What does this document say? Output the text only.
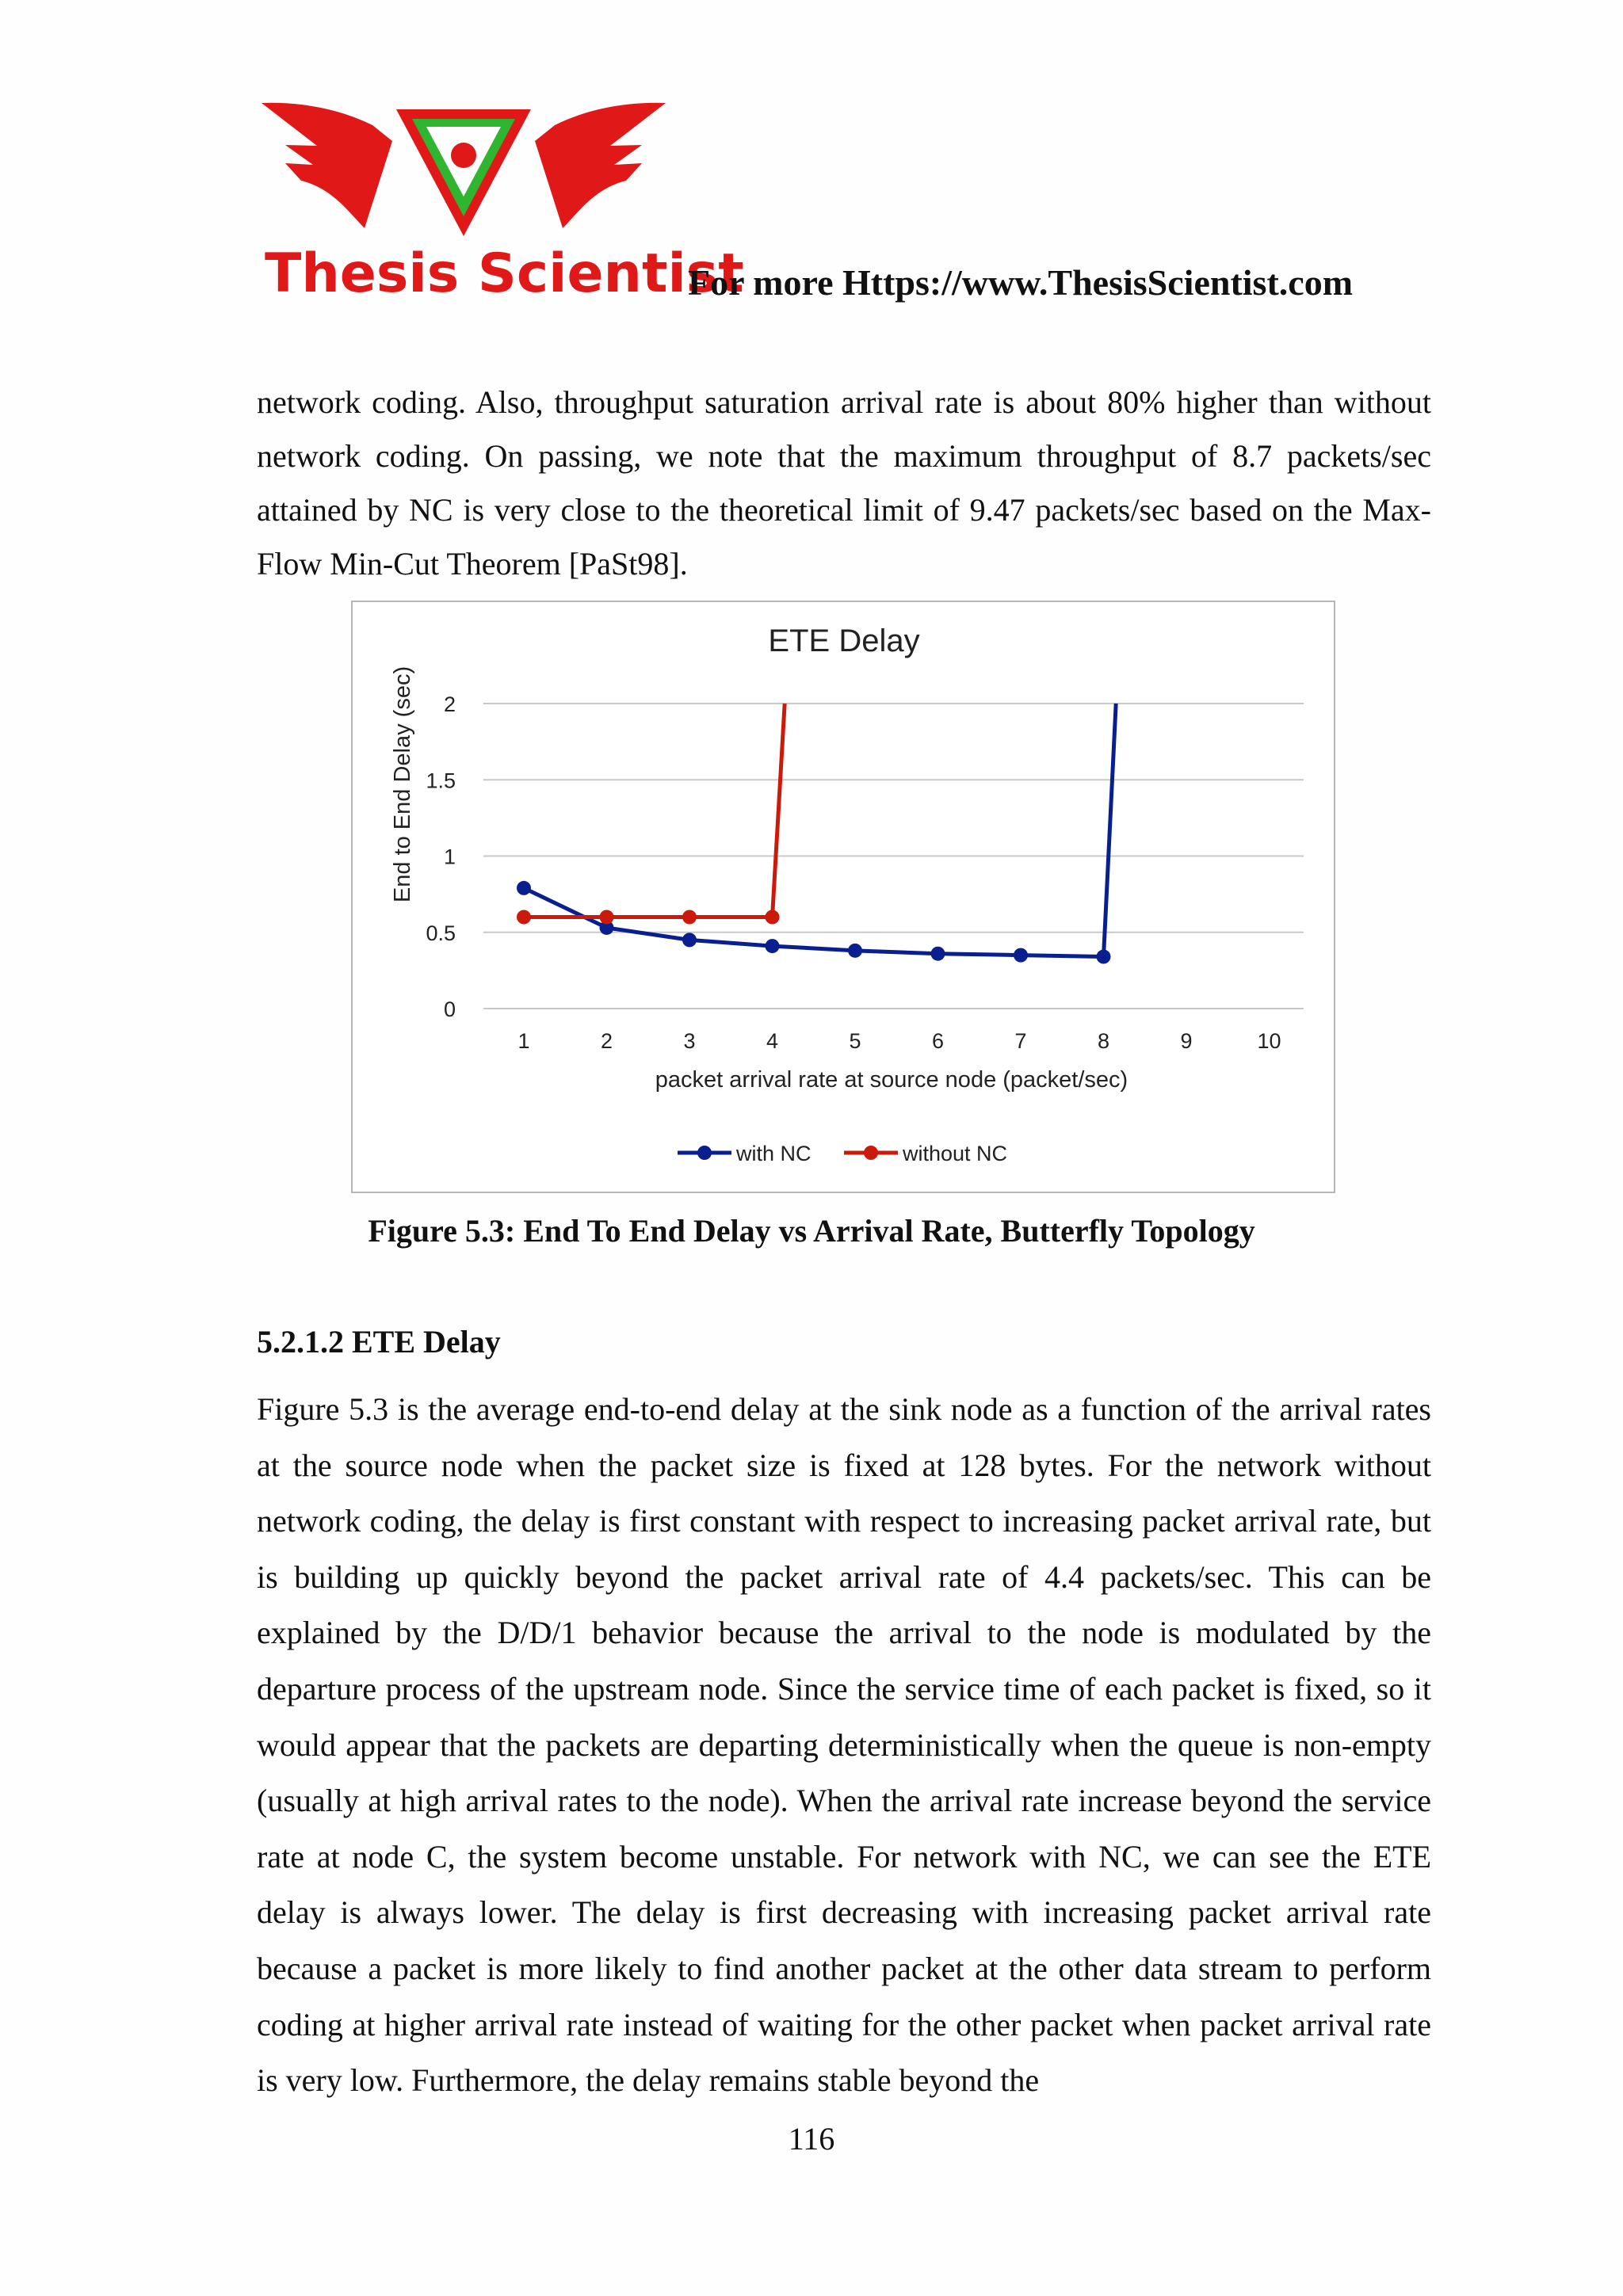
Thesis Scientist
For more Https://www.ThesisScientist.com

network coding. Also, throughput saturation arrival rate is about 80% higher than without network coding. On passing, we note that the maximum throughput of 8.7 packets/sec attained by NC is very close to the theoretical limit of 9.47 packets/sec based on the Max-Flow Min-Cut Theorem [PaSt98].

ETE Delay
0
0.5
1
1.5
2
1	2	3	4	5	6	7	8	9	10
packet arrival rate at source node (packet/sec)
End to End Delay (sec)
with NC	without NC
Figure 5.3: End To End Delay vs Arrival Rate, Butterfly Topology
5.2.1.2 ETE Delay

Figure 5.3 is the average end-to-end delay at the sink node as a function of the arrival rates at the source node when the packet size is fixed at 128 bytes. For the network without network coding, the delay is first constant with respect to increasing packet arrival rate, but is building up quickly beyond the packet arrival rate of 4.4 packets/sec. This can be explained by the D/D/1 behavior because the arrival to the node is modulated by the departure process of the upstream node. Since the service time of each packet is fixed, so it would appear that the packets are departing deterministically when the queue is non-empty (usually at high arrival rates to the node). When the arrival rate increase beyond the service rate at node C, the system become unstable. For network with NC, we can see the ETE delay is always lower. The delay is first decreasing with increasing packet arrival rate because a packet is more likely to find another packet at the other data stream to perform coding at higher arrival rate instead of waiting for the other packet when packet arrival rate is very low. Furthermore, the delay remains stable beyond the

116
